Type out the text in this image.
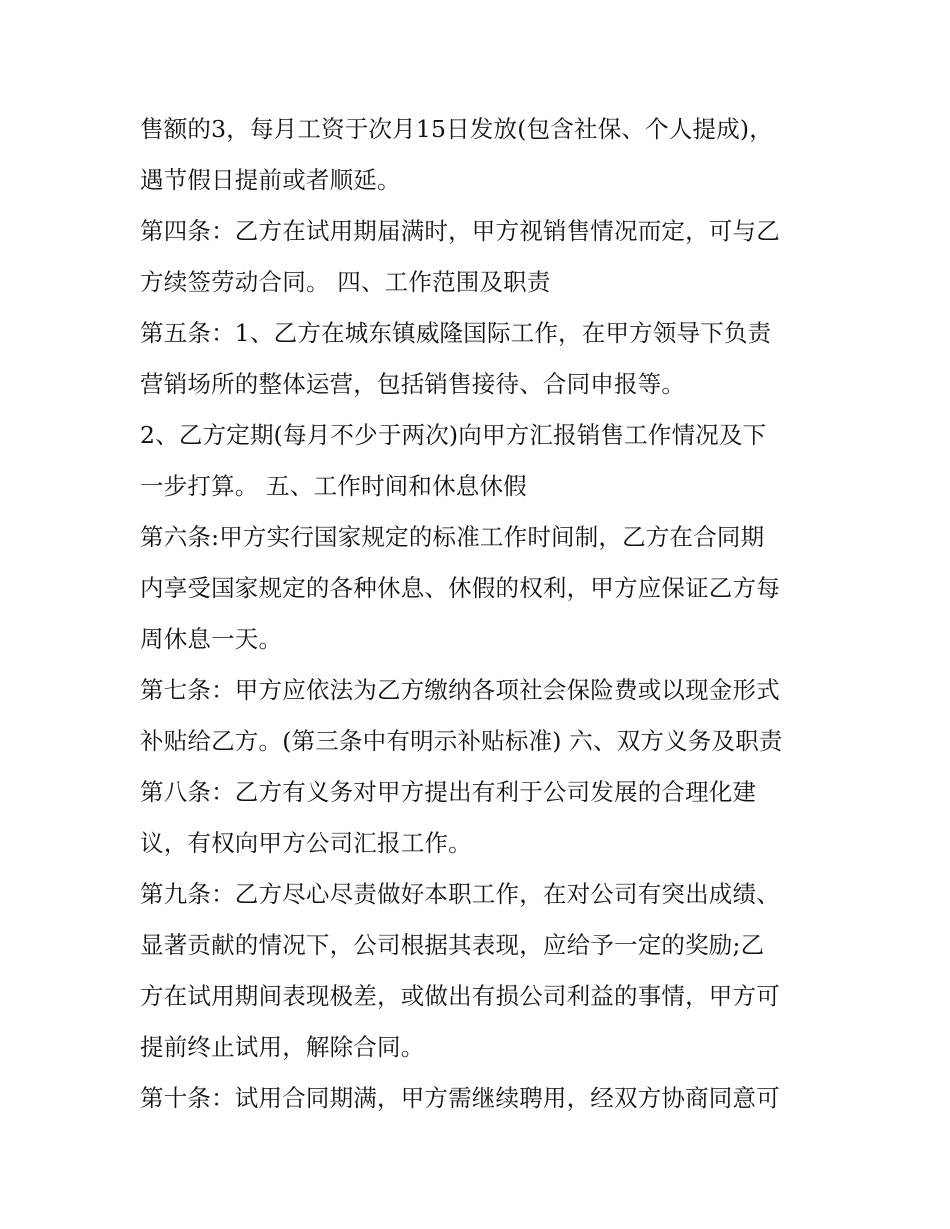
售额的3，每月工资于次月15日发放(包含社保、个人提成)，
遇节假日提前或者顺延。
第四条：乙方在试用期届满时，甲方视销售情况而定，可与乙
方续签劳动合同。 四、工作范围及职责
第五条：1、乙方在城东镇威隆国际工作，在甲方领导下负责
营销场所的整体运营，包括销售接待、合同申报等。
2、乙方定期(每月不少于两次)向甲方汇报销售工作情况及下
一步打算。 五、工作时间和休息休假
第六条:甲方实行国家规定的标准工作时间制，乙方在合同期
内享受国家规定的各种休息、休假的权利，甲方应保证乙方每
周休息一天。
第七条：甲方应依法为乙方缴纳各项社会保险费或以现金形式
补贴给乙方。(第三条中有明示补贴标准) 六、双方义务及职责
第八条：乙方有义务对甲方提出有利于公司发展的合理化建
议，有权向甲方公司汇报工作。
第九条：乙方尽心尽责做好本职工作，在对公司有突出成绩、
显著贡献的情况下，公司根据其表现，应给予一定的奖励;乙
方在试用期间表现极差，或做出有损公司利益的事情，甲方可
提前终止试用，解除合同。
第十条：试用合同期满，甲方需继续聘用，经双方协商同意可
